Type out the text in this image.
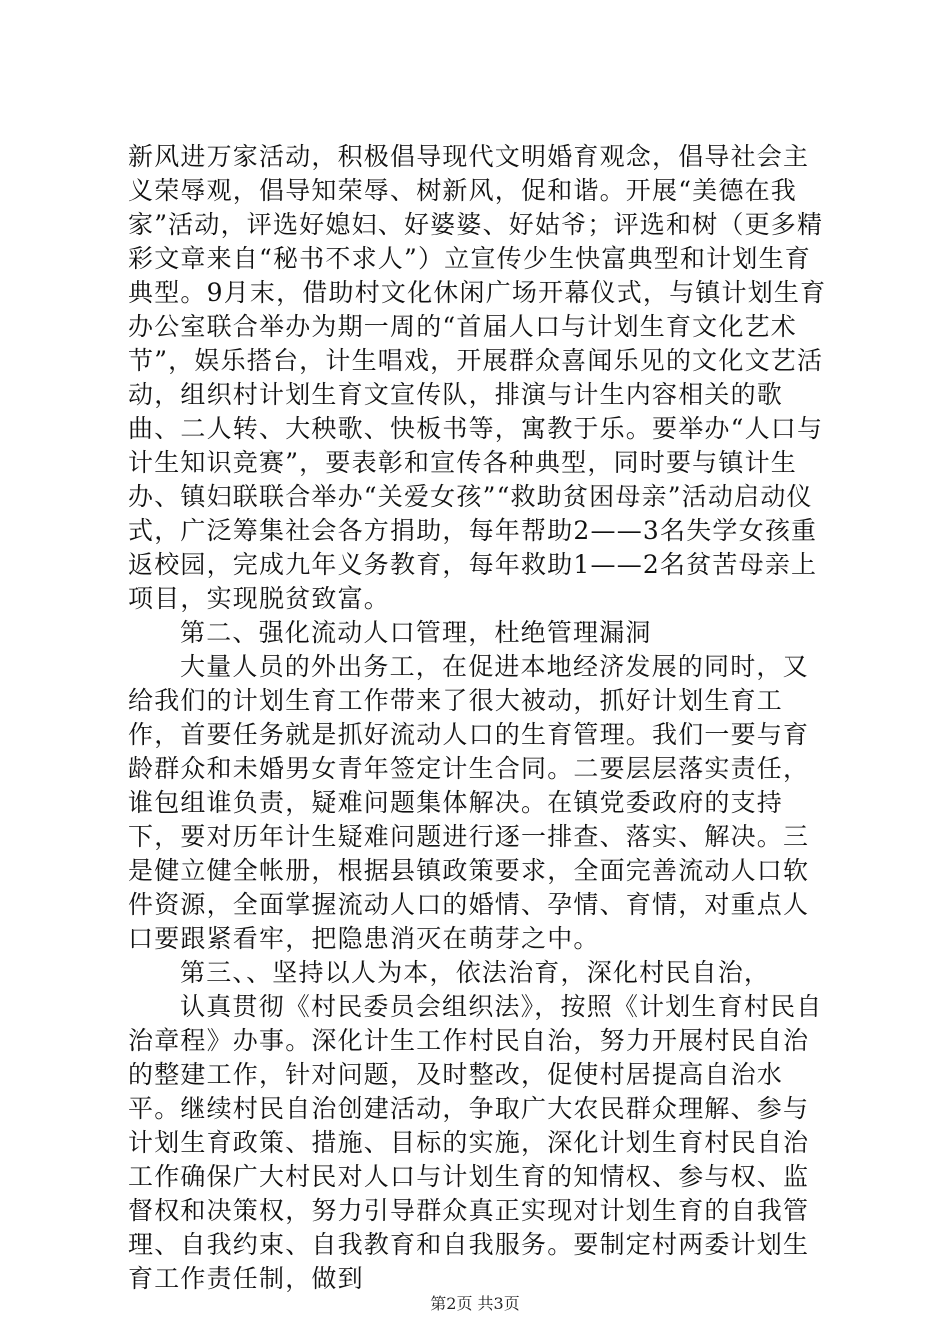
新风进万家活动，积极倡导现代文明婚育观念，倡导社会主义荣辱观，倡导知荣辱、树新风，促和谐。开展“美德在我家”活动，评选好媳妇、好婆婆、好姑爷；评选和树（更多精彩文章来自“秘书不求人”）立宣传少生快富典型和计划生育典型。9月末，借助村文化休闲广场开幕仪式，与镇计划生育办公室联合举办为期一周的“首届人口与计划生育文化艺术节”，娱乐搭台，计生唱戏，开展群众喜闻乐见的文化文艺活动，组织村计划生育文宣传队，排演与计生内容相关的歌曲、二人转、大秧歌、快板书等，寓教于乐。要举办“人口与计生知识竞赛”，要表彰和宣传各种典型，同时要与镇计生办、镇妇联联合举办“关爱女孩”“救助贫困母亲”活动启动仪式，广泛筹集社会各方捐助，每年帮助2——3名失学女孩重返校园，完成九年义务教育，每年救助1——2名贫苦母亲上项目，实现脱贫致富。

第二、强化流动人口管理，杜绝管理漏洞

大量人员的外出务工，在促进本地经济发展的同时，又给我们的计划生育工作带来了很大被动，抓好计划生育工作，首要任务就是抓好流动人口的生育管理。我们一要与育龄群众和未婚男女青年签定计生合同。二要层层落实责任，谁包组谁负责，疑难问题集体解决。在镇党委政府的支持下，要对历年计生疑难问题进行逐一排查、落实、解决。三是健立健全帐册，根据县镇政策要求，全面完善流动人口软件资源，全面掌握流动人口的婚情、孕情、育情，对重点人口要跟紧看牢，把隐患消灭在萌芽之中。

第三、、坚持以人为本，依法治育，深化村民自治，

认真贯彻《村民委员会组织法》，按照《计划生育村民自治章程》办事。深化计生工作村民自治，努力开展村民自治的整建工作，针对问题，及时整改，促使村居提高自治水平。继续村民自治创建活动，争取广大农民群众理解、参与计划生育政策、措施、目标的实施，深化计划生育村民自治工作确保广大村民对人口与计划生育的知情权、参与权、监督权和决策权，努力引导群众真正实现对计划生育的自我管理、自我约束、自我教育和自我服务。要制定村两委计划生育工作责任制，做到

第2页 共3页
